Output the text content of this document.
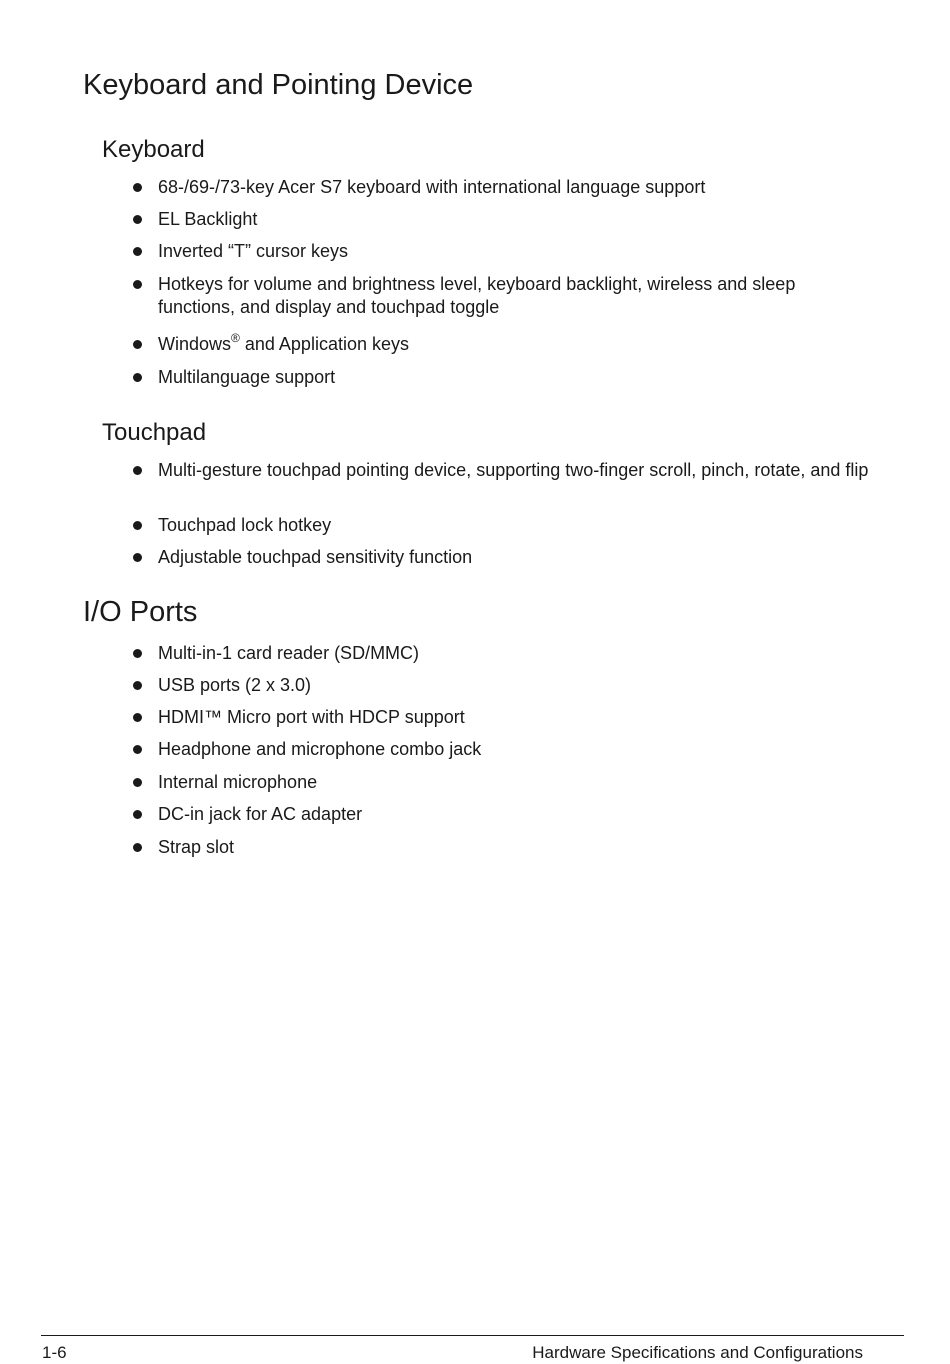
Keyboard and Pointing Device
Keyboard
68-/69-/73-key Acer S7 keyboard with international language support
EL Backlight
Inverted “T” cursor keys
Hotkeys for volume and brightness level, keyboard backlight, wireless and sleep functions, and display and touchpad toggle
Windows® and Application keys
Multilanguage support
Touchpad
Multi-gesture touchpad pointing device, supporting two-finger scroll, pinch, rotate, and flip
Touchpad lock hotkey
Adjustable touchpad sensitivity function
I/O Ports
Multi-in-1 card reader (SD/MMC)
USB ports (2 x 3.0)
HDMI™ Micro port with HDCP support
Headphone and microphone combo jack
Internal microphone
DC-in jack for AC adapter
Strap slot
1-6	Hardware Specifications and Configurations
